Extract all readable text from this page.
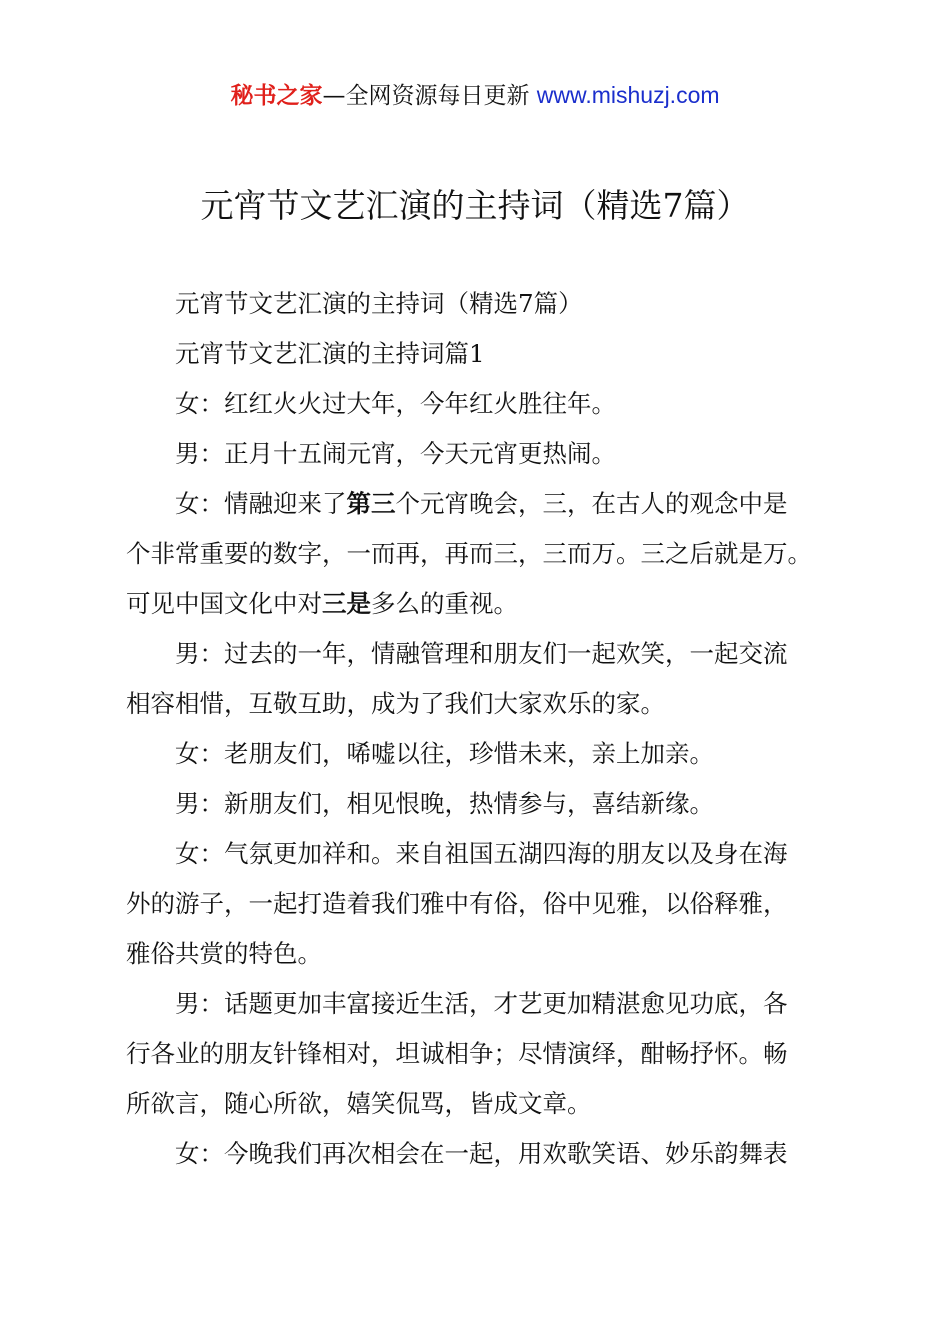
秘书之家—全网资源每日更新 www.mishuzj.com
元宵节文艺汇演的主持词（精选7篇）

元宵节文艺汇演的主持词（精选7篇）

元宵节文艺汇演的主持词篇1

女：红红火火过大年，今年红火胜往年。

男：正月十五闹元宵，今天元宵更热闹。

女：情融迎来了第三个元宵晚会，三，在古人的观念中是

个非常重要的数字，一而再，再而三，三而万。三之后就是万。

可见中国文化中对三是多么的重视。

男：过去的一年，情融管理和朋友们一起欢笑，一起交流

相容相惜，互敬互助，成为了我们大家欢乐的家。

女：老朋友们，唏嘘以往，珍惜未来，亲上加亲。

男：新朋友们，相见恨晚，热情参与，喜结新缘。

女：气氛更加祥和。来自祖国五湖四海的朋友以及身在海

外的游子，一起打造着我们雅中有俗，俗中见雅，以俗释雅，

雅俗共赏的特色。

男：话题更加丰富接近生活，才艺更加精湛愈见功底，各

行各业的朋友针锋相对，坦诚相争；尽情演绎，酣畅抒怀。畅

所欲言，随心所欲，嬉笑侃骂，皆成文章。

女：今晚我们再次相会在一起，用欢歌笑语、妙乐韵舞表
